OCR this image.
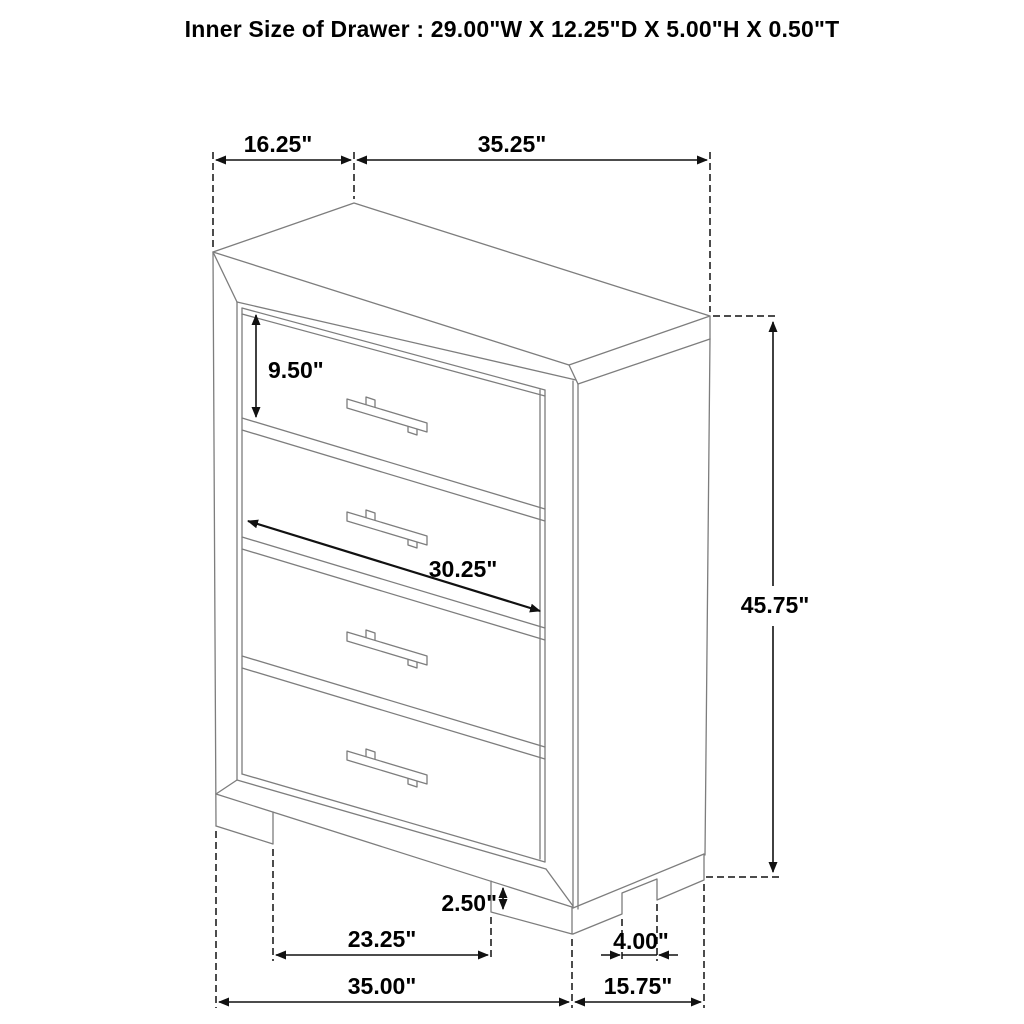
Inner Size of Drawer : 29.00"W X 12.25"D X 5.00"H X 0.50"T
16.25"	35.25"
45.75"
9.50"
30.25"
2.50"
23.25"	4.00"
35.00"	15.75"
